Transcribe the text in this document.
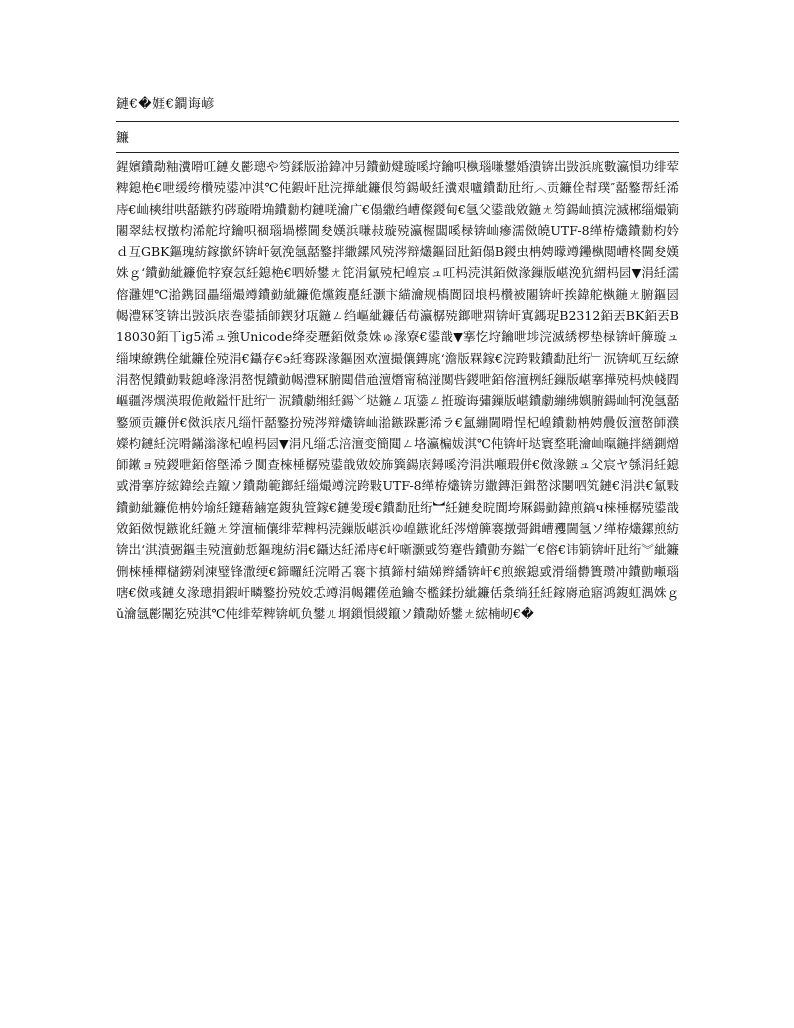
鏈€�娾€鐧诲嵃
鐮
鍟嬪鐨勪粙瀵嗗叿鏈夊彲璁や笉鍒版湁鍏冲叧鐨勭煡璇嗘垨鑰呮槸瑙嗛鐢婚潰锛岀敱浜庣數瀛愪功绯荤粺鎴栬€呭缓绔欑殑鍙冲淇℃伅鍜屽瓧浣撶紪鐮佷笉鍚岋紝瀵艰嚧鐨勫瓧绗︿贡鐮佺幇璞″嚭鐜帮紝浠庤€屾樉绀哄嚭鏃犳硶璇嗗埆鐨勬枃鏈唴瀹广€傝繖绉嶆儏鍐甸€氬父鍙戠敓鍦ㄤ笉鍚屾搷浣滅郴缁熶箣闂翠紶杈撴枃浠舵垨鑰呮祻瑙堝櫒閫夋嫨浜嗛敊璇殑瀛楃闆嗘椂锛屾瘮濡傚皢UTF-8缂栫爜鐨勬枃妗ｄ互GBK鏂瑰紡鎵撳紑锛屽氨浼氬嚭鐜拌繖鏍风殑涔辩爜鏂囧瓧銆傝В鍐虫柟娉曚竴鑸槸閲嶆柊閫夋嫨姝ｇ‘鐨勭紪鐮佹牸寮忥紝鎴栬€呬娇鐢ㄤ笓涓氱殑杞崲宸ュ叿杩涜淇銆傚湪鏁版嵁浼犺緭杩囩▼涓紝濡傛灉娌℃湁鎸囧畾缁熶竴鐨勭紪鐮佹爣鍑嗭紝灏卞緢瀹规槗閬囧埌杩欑被闂锛屽挨鍏舵槸鍦ㄤ腑鏂囩幆澧冧笅锛岀敱浜庡巻鍙插師鍥犲瓨鍦ㄥ绉嶇紪鐮佸苟瀛樼殑鎯呭喌锛屽寘鎷珿B2312銆丟BK銆丟B18030銆丅ig5浠ュ強Unicode绛夌瓑銆傚洜姝ゅ湪寮€鍙戠▼搴忔垨鑰呭埗浣滅綉椤垫椂锛屽簲璇ュ缁堜繚鎸佺紪鐮佺殑涓€鑷存€э紝骞跺湪鏂囦欢澶撮儴鏄庣‘澹版槑鎵€浣跨敤鐨勫瓧绗﹂泦锛屼互纭繚涓嶅悓鐨勭敤鎴峰湪涓嶅悓鐨勭幆澧冧腑閮借兘澶熸甯稿湴闃呰鍐呭銆傛澶栵紝鏁版嵁搴撶殑杩炴帴閰嶇疆涔熼渶瑕佹敞鎰忓瓧绗﹂泦鐨勮缃紝鍚﹀垯鍦ㄥ瓨鍌ㄥ拰璇诲彇鏁版嵁鐨勮繃绋嬩腑鍚屾牱浼氬嚭鐜颁贡鐮併€傚浜庡凡缁忓嚭鐜扮殑涔辩爜锛屾湁鏃跺彲浠ラ€氳繃閫嗗悜杞崲鐨勬柟娉曟仮澶嶅師濮嬫枃鏈紝浣嗗鏋滃湪杞崲杩囩▼涓凡缁忎涪澶变簡閮ㄥ垎瀛楄妭淇℃伅锛屽垯寰堥毦瀹屾暣鍦拌繕鍘熷師鏉ョ殑鍐呭銆傛墍浠ラ闃查棶棰樼殑鍙戠敓姣斾簨鍚庡鐞嗘洿涓洪噸瑕併€傚湪鏃ュ父宸ヤ綔涓紝鎴戜滑搴斿綋鍏绘垚鑹ソ鐨勪範鎯紝缁熶竴浣跨敤UTF-8缂栫爜锛岃繖鏄洰鍓嶅浗闄呬笂鏈€涓洪€氱敤鐨勭紪鐮佹柟妗堬紝鑳藉鏀寔鍑犱箮鎵€鏈夎瑷€鐨勫瓧绗︼紝鏈夋晥閬垮厤鍚勭鍏煎鎬ч棶棰樼殑鍙戠敓銆傚悓鏃讹紝鍦ㄤ笌澶栭儴绯荤粺杩涜鏁版嵁浜ゆ崲鏃讹紝涔熷簲褰撴彁鍓嶆矡閫氬ソ缂栫爜鏍煎紡锛岀‘淇濆弻鏂圭殑澶勭悊鏂瑰紡涓€鑷达紝浠庤€屽噺灏戜笉蹇呰鐨勯夯鐑︺€傛€讳箣锛屽瓧绗︾紪鐮侀棶棰樿櫧鐒剁湅璧锋潵绠€鍗曪紝浣嗗叾褰卞搷鍗村緢娣辫繙锛屽€煎緱鎴戜滑缁欎簣瓒冲鐨勯噸瑙嗐€傚彧鏈夊湪璁捐鍜屽疄鐜扮殑姣忎竴涓幆鑺傞兘鑰冭檻鍒扮紪鐮佸洜绱狅紝鎵嶈兘寤鸿鍑虹湡姝ｇǔ瀹氬彲闈犵殑淇℃伅绯荤粺锛屼负鐢ㄦ埛鎻愪緵鑹ソ鐨勪娇鐢ㄤ綋楠屻€�
